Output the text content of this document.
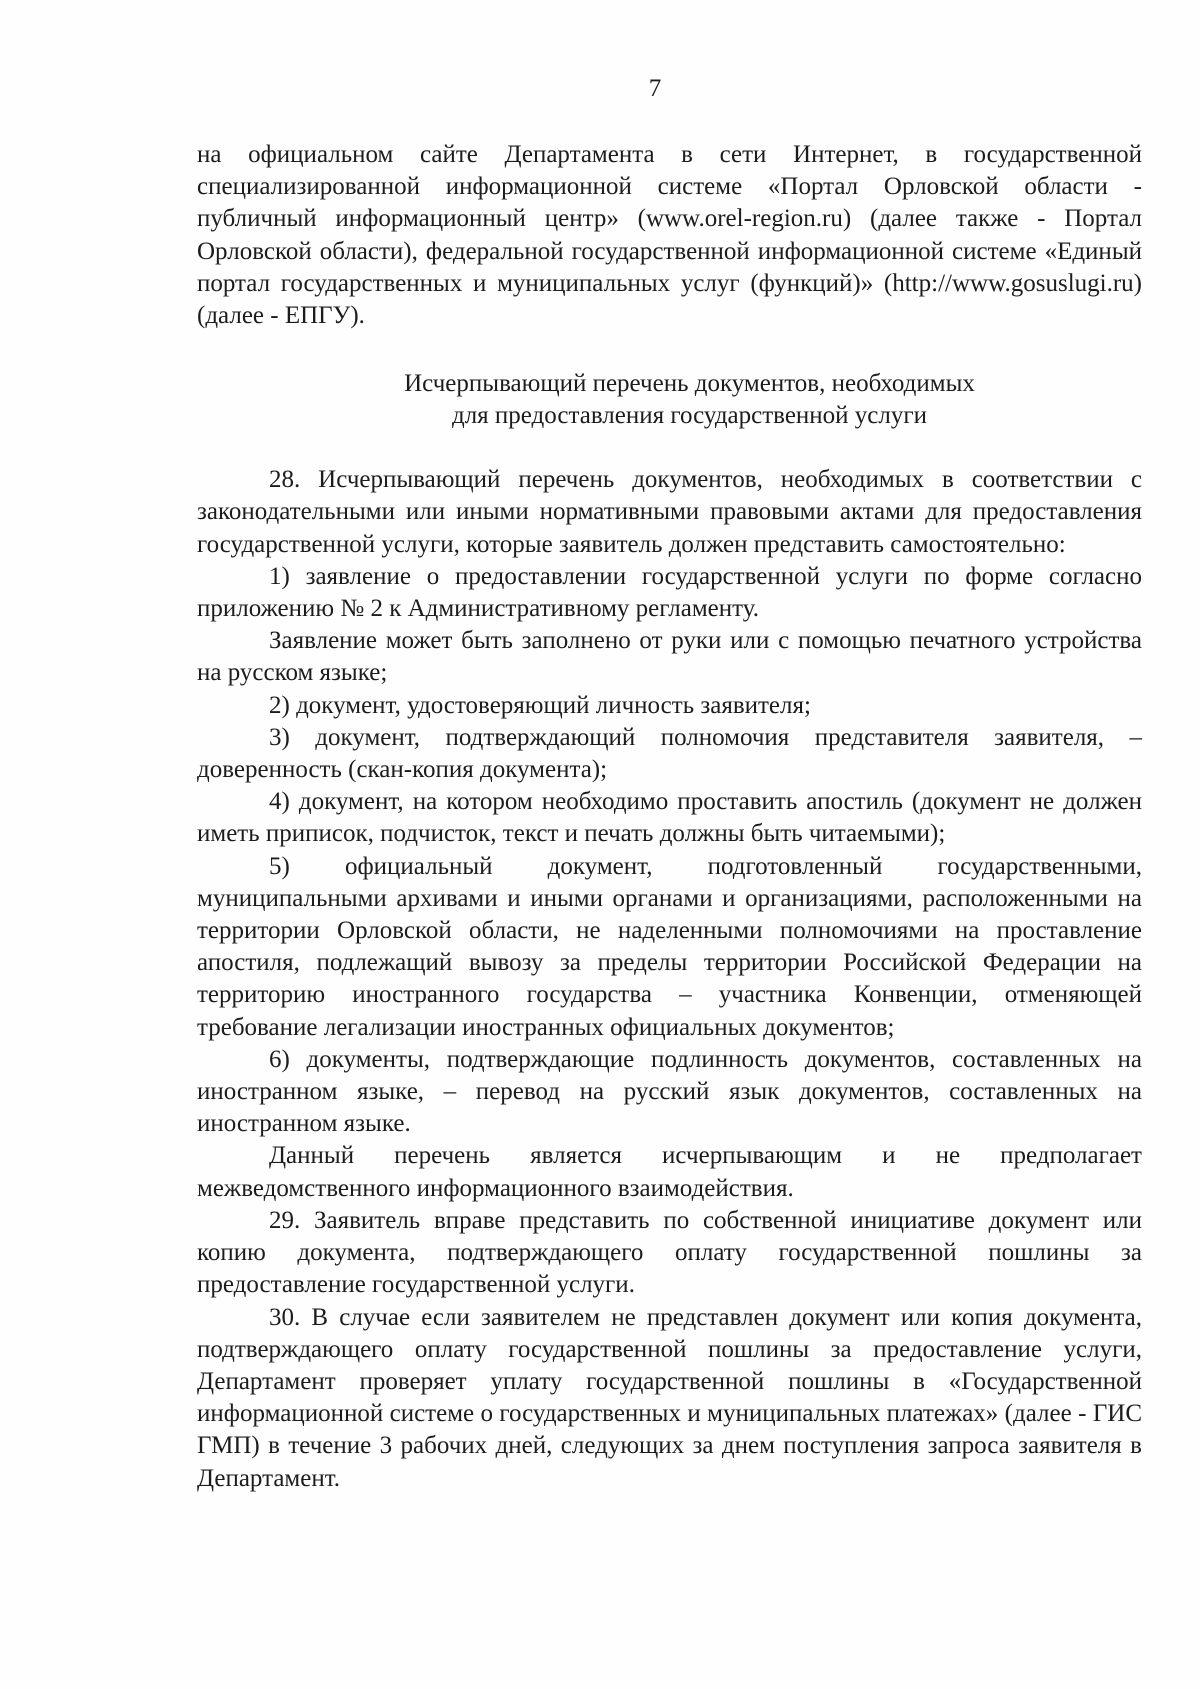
7

на официальном сайте Департамента в сети Интернет, в государственной специализированной информационной системе «Портал Орловской области - публичный информационный центр» (www.orel-region.ru) (далее также - Портал Орловской области), федеральной государственной информационной системе «Единый портал государственных и муниципальных услуг (функций)» (http://www.gosuslugi.ru) (далее - ЕПГУ).

Исчерпывающий перечень документов, необходимых
для предоставления государственной услуги

28. Исчерпывающий перечень документов, необходимых в соответствии с законодательными или иными нормативными правовыми актами для предоставления государственной услуги, которые заявитель должен представить самостоятельно:

1) заявление о предоставлении государственной услуги по форме согласно приложению № 2 к Административному регламенту.

Заявление может быть заполнено от руки или с помощью печатного устройства на русском языке;

2) документ, удостоверяющий личность заявителя;

3) документ, подтверждающий полномочия представителя заявителя, – доверенность (скан-копия документа);

4) документ, на котором необходимо проставить апостиль (документ не должен иметь приписок, подчисток, текст и печать должны быть читаемыми);

5) официальный документ, подготовленный государственными, муниципальными архивами и иными органами и организациями, расположенными на территории Орловской области, не наделенными полномочиями на проставление апостиля, подлежащий вывозу за пределы территории Российской Федерации на территорию иностранного государства – участника Конвенции, отменяющей требование легализации иностранных официальных документов;

6) документы, подтверждающие подлинность документов, составленных на иностранном языке, – перевод на русский язык документов, составленных на иностранном языке.

Данный перечень является исчерпывающим и не предполагает межведомственного информационного взаимодействия.

29. Заявитель вправе представить по собственной инициативе документ или копию документа, подтверждающего оплату государственной пошлины за предоставление государственной услуги.

30. В случае если заявителем не представлен документ или копия документа, подтверждающего оплату государственной пошлины за предоставление услуги, Департамент проверяет уплату государственной пошлины в «Государственной информационной системе о государственных и муниципальных платежах» (далее - ГИС ГМП) в течение 3 рабочих дней, следующих за днем поступления запроса заявителя в Департамент.
